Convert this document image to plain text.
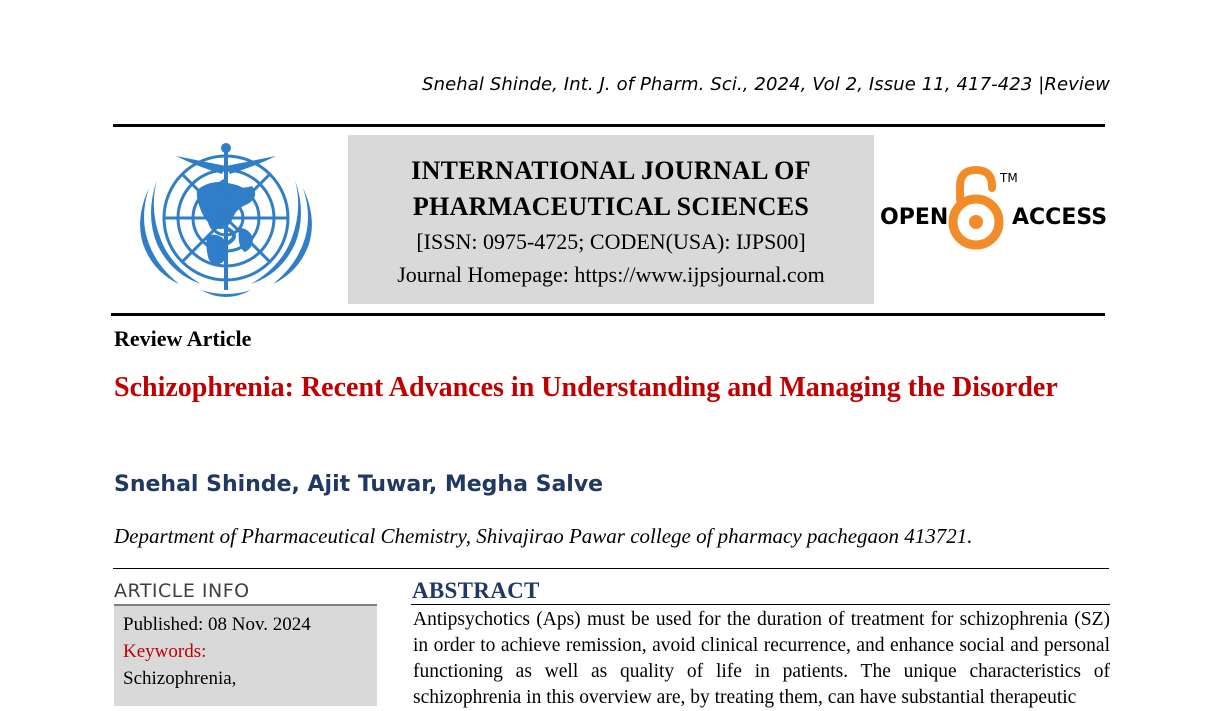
Snehal Shinde, Int. J. of Pharm. Sci., 2024, Vol 2, Issue 11, 417-423 |Review
INTERNATIONAL JOURNAL OF
PHARMACEUTICAL SCIENCES
[ISSN: 0975-4725; CODEN(USA): IJPS00]
Journal Homepage: https://www.ijpsjournal.com
OPEN
TM
ACCESS
Review Article
Schizophrenia: Recent Advances in Understanding and Managing the Disorder
Snehal Shinde, Ajit Tuwar, Megha Salve
Department of Pharmaceutical Chemistry, Shivajirao Pawar college of pharmacy pachegaon 413721.
ARTICLE INFO
Published: 08 Nov. 2024
Keywords:
Schizophrenia,
ABSTRACT
Antipsychotics (Aps) must be used for the duration of treatment for schizophrenia (SZ) in order to achieve remission, avoid clinical recurrence, and enhance social and personal functioning as well as quality of life in patients. The unique characteristics of schizophrenia in this overview are, by treating them, can have substantial therapeutic
